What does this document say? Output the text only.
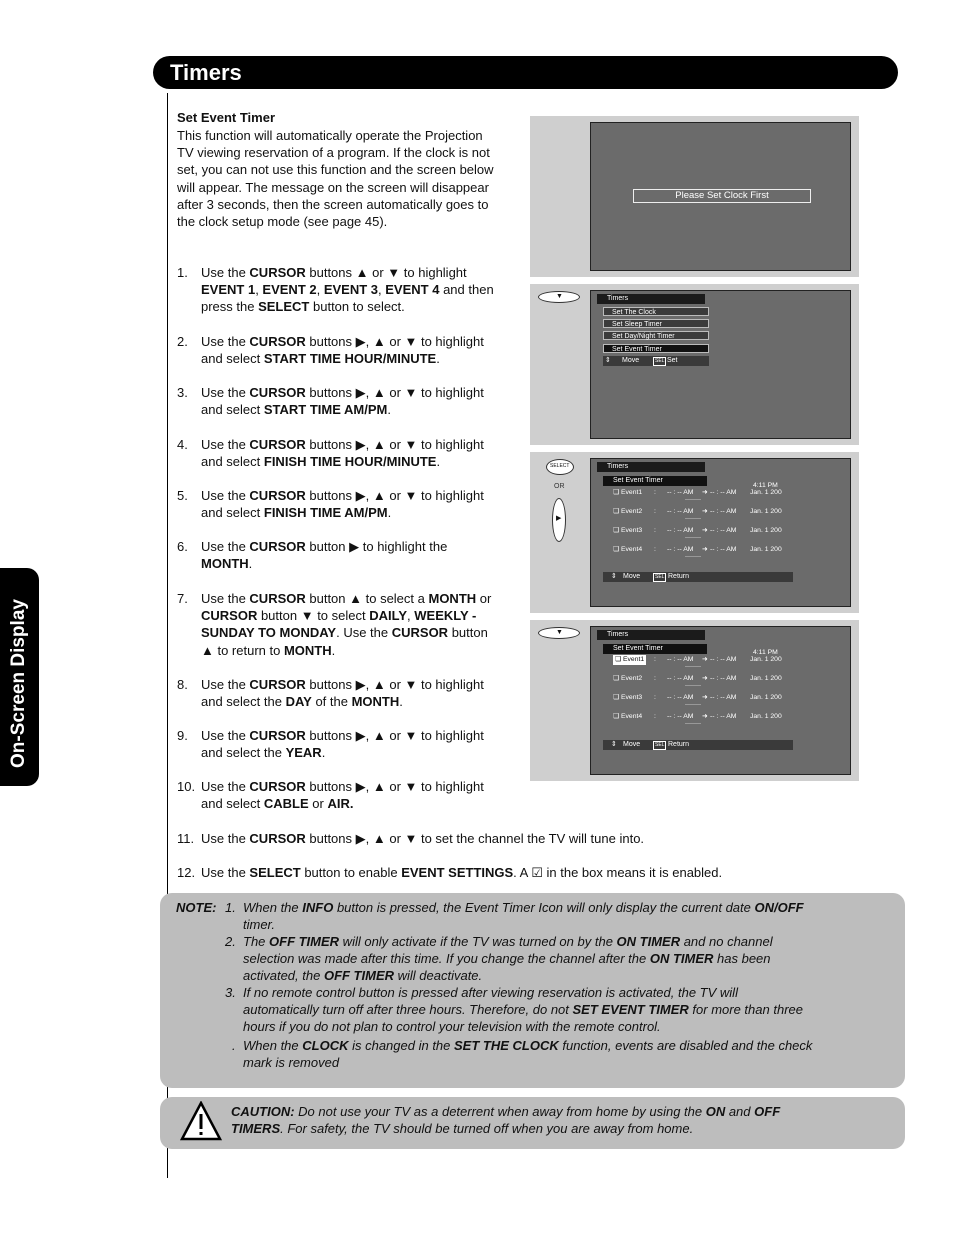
Timers
On-Screen Display
Set Event Timer
This function will automatically operate the Projection
TV viewing reservation of a program. If the clock is not
set, you can not use this function and the screen below
will appear. The message on the screen will disappear
after 3 seconds, then the screen automatically goes to
the clock setup mode (see page 45).
1. Use the CURSOR buttons ▲ or ▼ to highlight
EVENT 1, EVENT 2, EVENT 3, EVENT 4 and then
press the SELECT button to select.
2. Use the CURSOR buttons ▶, ▲ or ▼ to highlight
and select START TIME HOUR/MINUTE.
3. Use the CURSOR buttons ▶, ▲ or ▼ to highlight
and select START TIME AM/PM.
4. Use the CURSOR buttons ▶, ▲ or ▼ to highlight
and select FINISH TIME HOUR/MINUTE.
5. Use the CURSOR buttons ▶, ▲ or ▼ to highlight
and select FINISH TIME AM/PM.
6. Use the CURSOR button ▶ to highlight the
MONTH.
7. Use the CURSOR button ▲ to select a MONTH or
CURSOR button ▼ to select DAILY, WEEKLY -
SUNDAY TO MONDAY. Use the CURSOR button
▲ to return to MONTH.
8. Use the CURSOR buttons ▶, ▲ or ▼ to highlight
and select the DAY of the MONTH.
9. Use the CURSOR buttons ▶, ▲ or ▼ to highlight
and select the YEAR.
10. Use the CURSOR buttons ▶, ▲ or ▼ to highlight
and select CABLE or AIR.
11. Use the CURSOR buttons ▶, ▲ or ▼ to set the channel the TV will tune into.
12. Use the SELECT button to enable EVENT SETTINGS. A ☑ in the box means it is enabled.
Please Set Clock First
▼	Timers
Set The Clock
Set Sleep Timer
Set Day/Night Timer
Set Event Timer
⇕ Move	SEL Set
SELECT
OR
▶
Timers
Set Event Timer
4:11 PM
❏ Event1 : -- : -- AM ➜ -- : -- AM Jan. 1 200
--------
❏ Event2 : -- : -- AM ➜ -- : -- AM Jan. 1 200
--------
❏ Event3 : -- : -- AM ➜ -- : -- AM Jan. 1 200
--------
❏ Event4 : -- : -- AM ➜ -- : -- AM Jan. 1 200
--------
⇕ Move	SEL Return
▼	Timers
Set Event Timer
4:11 PM
❏ Event1 : -- : -- AM ➜ -- : -- AM Jan. 1 200
--------
❏ Event2 : -- : -- AM ➜ -- : -- AM Jan. 1 200
--------
❏ Event3 : -- : -- AM ➜ -- : -- AM Jan. 1 200
--------
❏ Event4 : -- : -- AM ➜ -- : -- AM Jan. 1 200
--------
⇕ Move	SEL Return
NOTE: 1. When the INFO button is pressed, the Event Timer Icon will only display the current date ON/OFF
timer.
2. The OFF TIMER will only activate if the TV was turned on by the ON TIMER and no channel
selection was made after this time. If you change the channel after the ON TIMER has been
activated, the OFF TIMER will deactivate.
3. If no remote control button is pressed after viewing reservation is activated, the TV will
automatically turn off after three hours. Therefore, do not SET EVENT TIMER for more than three
hours if you do not plan to control your television with the remote control.
. When the CLOCK is changed in the SET THE CLOCK function, events are disabled and the check
mark is removed
CAUTION: Do not use your TV as a deterrent when away from home by using the ON and OFF
TIMERS. For safety, the TV should be turned off when you are away from home.
